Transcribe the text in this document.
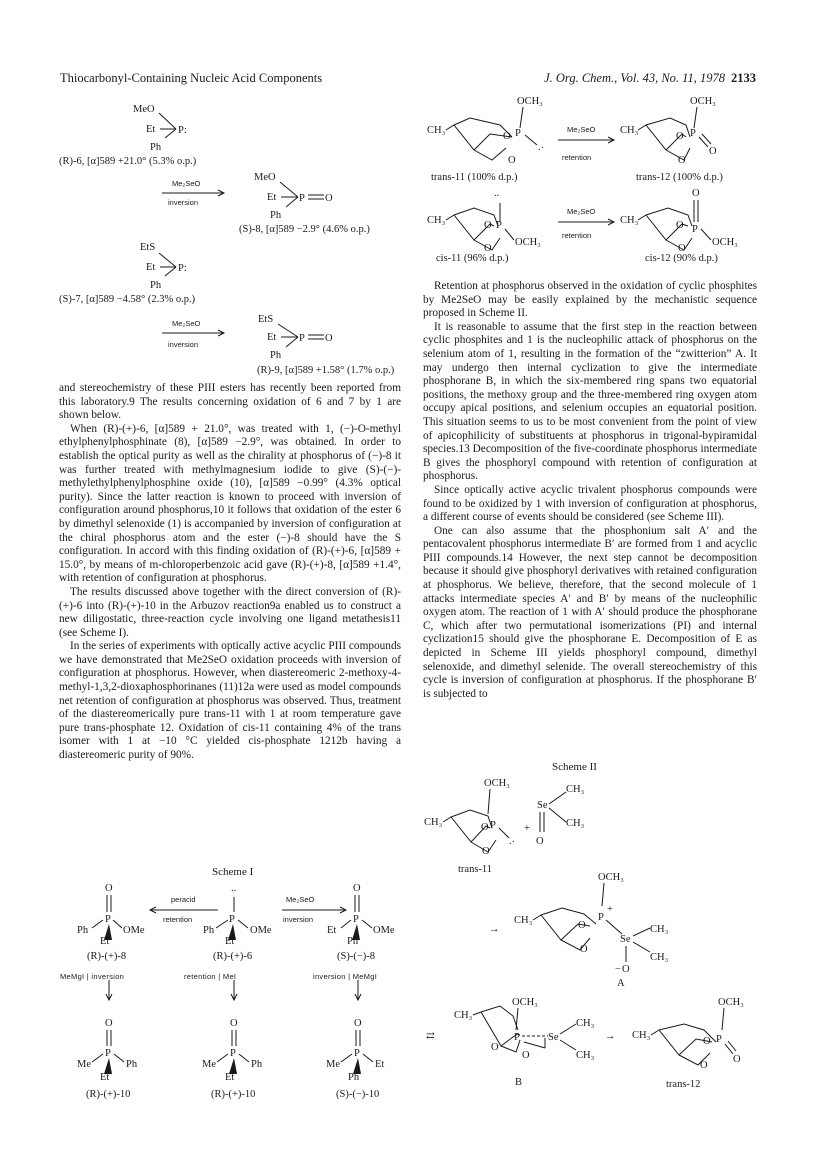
Thiocarbonyl-Containing Nucleic Acid Components	J. Org. Chem., Vol. 43, No. 11, 1978 2133
MeO
Et P:
Ph
Me₂SeO
inversion
MeO
Et P O
Ph
EtS
Et P:
Ph
Me₂SeO
inversion
EtS
Et P O
Ph
(R)-6, [α]589 +21.0° (5.3% o.p.)
(S)-8, [α]589 −2.9° (4.6% o.p.)
(S)-7, [α]589 −4.58° (2.3% o.p.)
(R)-9, [α]589 +1.58° (1.7% o.p.)

and stereochemistry of these PIII esters has recently been reported from this laboratory.9 The results concerning oxidation of 6 and 7 by 1 are shown below.

When (R)-(+)-6, [α]589 + 21.0°, was treated with 1, (−)-O-methyl ethylphenylphosphinate (8), [α]589 −2.9°, was obtained. In order to establish the optical purity as well as the chirality at phosphorus of (−)-8 it was further treated with methylmagnesium iodide to give (S)-(−)-methylethylphenylphosphine oxide (10), [α]589 −0.99° (4.3% optical purity). Since the latter reaction is known to proceed with inversion of configuration around phosphorus,10 it follows that oxidation of the ester 6 by dimethyl selenoxide (1) is accompanied by inversion of configuration at the chiral phosphorus atom and the ester (−)-8 should have the S configuration. In accord with this finding oxidation of (R)-(+)-6, [α]589 + 15.0°, by means of m-chloroperbenzoic acid gave (R)-(+)-8, [α]589 +1.4°, with retention of configuration at phosphorus.

The results discussed above together with the direct conversion of (R)-(+)-6 into (R)-(+)-10 in the Arbuzov reaction9a enabled us to construct a new diligostatic, three-reaction cycle involving one ligand metathesis11 (see Scheme I).

In the series of experiments with optically active acyclic PIII compounds we have demonstrated that Me2SeO oxidation proceeds with inversion of configuration at phosphorus. However, when diastereomeric 2-methoxy-4-methyl-1,3,2-dioxaphosphorinanes (11)12a were used as model compounds net retention of configuration at phosphorus was observed. Thus, treatment of the diastereomerically pure trans-11 with 1 at room temperature gave pure trans-phosphate 12. Oxidation of cis-11 containing 4% of the trans isomer with 1 at −10 °C yielded cis-phosphate 1212b having a diastereomeric purity of 90%.

Scheme I
O
P
Ph	OMe
Et
peracid
retention
..
P
Ph	OMe
Et
Me₂SeO
inversion
O
P
Et	OMe
Ph
O
P
Me	Ph
Et
O
P
Me	Ph
Et
O
P
Me	Et
Ph
(R)-(+)-8	(R)-(+)-6	(S)-(−)-8
MeMgI | inversion	retention | MeI	inversion | MeMgI
(R)-(+)-10	(R)-(+)-10	(S)-(−)-10
OCH₃
CH₃
O P
O
. .
Me₂SeO
retention
OCH₃
CH₃
O P
O
O
..
CH₃	O P
O
OCH₃
Me₂SeO
retention
O
CH₃	O P
O
OCH₃
trans-11 (100% d.p.)	trans-12 (100% d.p.)
cis-11 (96% d.p.)	cis-12 (90% d.p.)

Retention at phosphorus observed in the oxidation of cyclic phosphites by Me2SeO may be easily explained by the mechanistic sequence proposed in Scheme II.

It is reasonable to assume that the first step in the reaction between cyclic phosphites and 1 is the nucleophilic attack of phosphorus on the selenium atom of 1, resulting in the formation of the “zwitterion” A. It may undergo then internal cyclization to give the intermediate phosphorane B, in which the six-membered ring spans two equatorial positions, the methoxy group and the three-membered ring oxygen atom occupy apical positions, and selenium occupies an equatorial position. This situation seems to us to be most convenient from the point of view of apicophilicity of substituents at phosphorus in trigonal-bypiramidal species.13 Decomposition of the five-coordinate phosphorus intermediate B gives the phosphoryl compound with retention of configuration at phosphorus.

Since optically active acyclic trivalent phosphorus compounds were found to be oxidized by 1 with inversion of configuration at phosphorus, a different course of events should be considered (see Scheme III).

One can also assume that the phosphonium salt A′ and the pentacovalent phosphorus intermediate B′ are formed from 1 and acyclic PIII compounds.14 However, the next step cannot be decomposition because it should give phosphoryl derivatives with retained configuration at phosphorus. We believe, therefore, that the second molecule of 1 attacks intermediate species A′ and B′ by means of the nucleophilic oxygen atom. The reaction of 1 with A′ should produce the phosphorane C, which after two permutational isomerizations (PI) and internal cyclization15 should give the phosphorane E. Decomposition of E as depicted in Scheme III yields phosphoryl compound, dimethyl selenoxide, and dimethyl selenide. The overall stereochemistry of this cycle is inversion of configuration at phosphorus. If the phosphorane B′ is subjected to

Scheme II
OCH₃
CH₃	O P
O
. .
+
Se
CH₃
CH₃
O
→
OCH₃
CH₃	O
P
+
O
Se
CH₃
CH₃
O
−
⇄
OCH₃
CH₃
O
P
O
Se
CH₃
CH₃
→
OCH₃
CH₃
O P
O
O
trans-11
A
B	trans-12
